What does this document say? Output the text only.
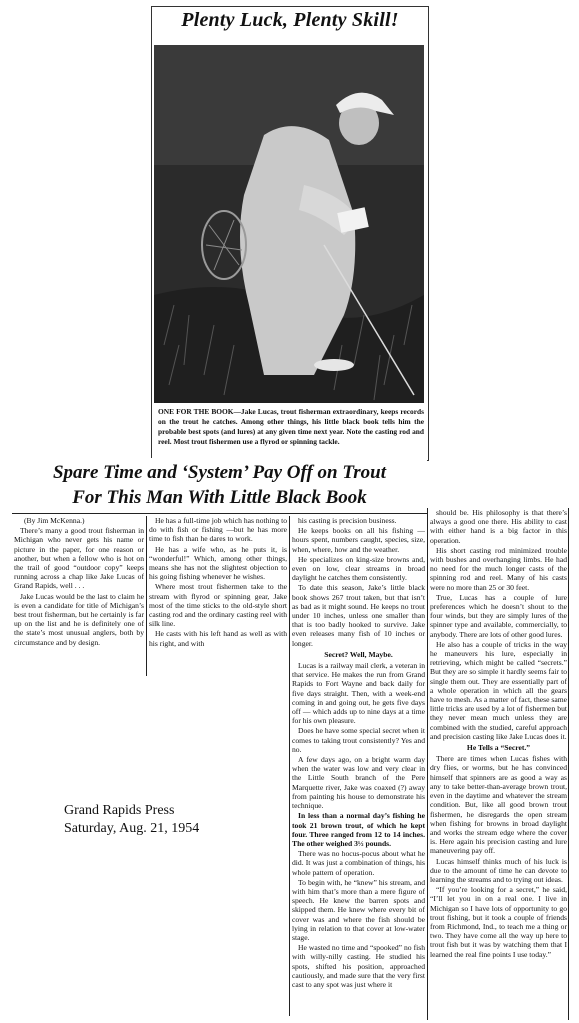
Plenty Luck, Plenty Skill!
ONE FOR THE BOOK—Jake Lucas, trout fisherman extraordinary, keeps records on the trout he catches. Among other things, his little black book tells him the probable best spots (and lures) at any given time next year. Note the casting rod and reel. Most trout fishermen use a flyrod or spinning tackle.
Spare Time and ‘System’ Pay Off on Trout
For This Man With Little Black Book

(By Jim McKenna.)

There’s many a good trout fisherman in Michigan who never gets his name or picture in the paper, for one reason or another, but when a fellow who is hot on the trail of good “outdoor copy” keeps running across a chap like Jake Lucas of Grand Rapids, well . . .

Jake Lucas would be the last to claim he is even a candidate for title of Michigan’s best trout fisherman, but he certainly is far up on the list and he is definitely one of the state’s most unusual anglers, both by circumstance and by design.

He has a full-time job which has nothing to do with fish or fishing —but he has more time to fish than he dares to work.

He has a wife who, as he puts it, is “wonderful!” Which, among other things, means she has not the slightest objection to his going fishing whenever he wishes.

Where most trout fishermen take to the stream with flyrod or spinning gear, Jake most of the time sticks to the old-style short casting rod and the ordinary casting reel with silk line.

He casts with his left hand as well as with his right, and with

his casting is precision business.

He keeps books on all his fishing —hours spent, numbers caught, species, size, when, where, how and the weather.

He specializes on king-size browns and, even on low, clear streams in broad daylight he catches them consistently.

To date this season, Jake’s little black book shows 267 trout taken, but that isn’t as bad as it might sound. He keeps no trout under 10 inches, unless one smaller than that is too badly hooked to survive. Jake even releases many fish of 10 inches or longer.

Secret? Well, Maybe.

Lucas is a railway mail clerk, a veteran in that service. He makes the run from Grand Rapids to Fort Wayne and back daily for five days straight. Then, with a week-end coming in and going out, he gets five days off — which adds up to nine days at a time for his own pleasure.

Does he have some special secret when it comes to taking trout consistently? Yes and no.

A few days ago, on a bright warm day when the water was low and very clear in the Little South branch of the Pere Marquette river, Jake was coaxed (?) away from painting his house to demonstrate his technique.

In less than a normal day’s fishing he took 21 brown trout, of which he kept four. Three ranged from 12 to 14 inches. The other weighed 3½ pounds.

There was no hocus-pocus about what he did. It was just a combination of things, his whole pattern of operation.

To begin with, he “knew” his stream, and with him that’s more than a mere figure of speech. He knew the barren spots and skipped them. He knew where every bit of cover was and where the fish should be lying in relation to that cover at low-water stage.

He wasted no time and “spooked” no fish with willy-nilly casting. He studied his spots, shifted his position, approached cautiously, and made sure that the very first cast to any spot was just where it

should be. His philosophy is that there’s always a good one there. His ability to cast with either hand is a big factor in this operation.

His short casting rod minimized trouble with bushes and overhanging limbs. He had no need for the much longer casts of the spinning rod and reel. Many of his casts were no more than 25 or 30 feet.

True, Lucas has a couple of lure preferences which he doesn’t shout to the four winds, but they are simply lures of the spinner type and available, commercially, to anybody. There are lots of other good lures.

He also has a couple of tricks in the way he maneuvers his lure, especially in retrieving, which might be called “secrets.” But they are so simple it hardly seems fair to single them out. They are essentially part of a whole operation in which all the gears have to mesh. As a matter of fact, these same little tricks are used by a lot of fishermen but they never mean much unless they are combined with the studied, careful approach and precision casting like Jake Lucas does it.

He Tells a “Secret.”

There are times when Lucas fishes with dry flies, or worms, but he has convinced himself that spinners are as good a way as any to take better-than-average brown trout, even in the daytime and whatever the stream condition. But, like all good brown trout fishermen, he disregards the open stream when fishing for browns in broad daylight and works the stream edge where the cover is. Here again his precision casting and lure maneuvering pay off.

Lucas himself thinks much of his luck is due to the amount of time he can devote to learning the streams and to trying out ideas.

“If you’re looking for a secret,” he said, “I’ll let you in on a real one. I live in Michigan so I have lots of opportunity to go trout fishing, but it took a couple of friends from Richmond, Ind., to teach me a thing or two. They have come all the way up here to trout fish but it was by watching them that I learned the real fine points I use today.”

Grand Rapids Press
Saturday, Aug. 21, 1954
